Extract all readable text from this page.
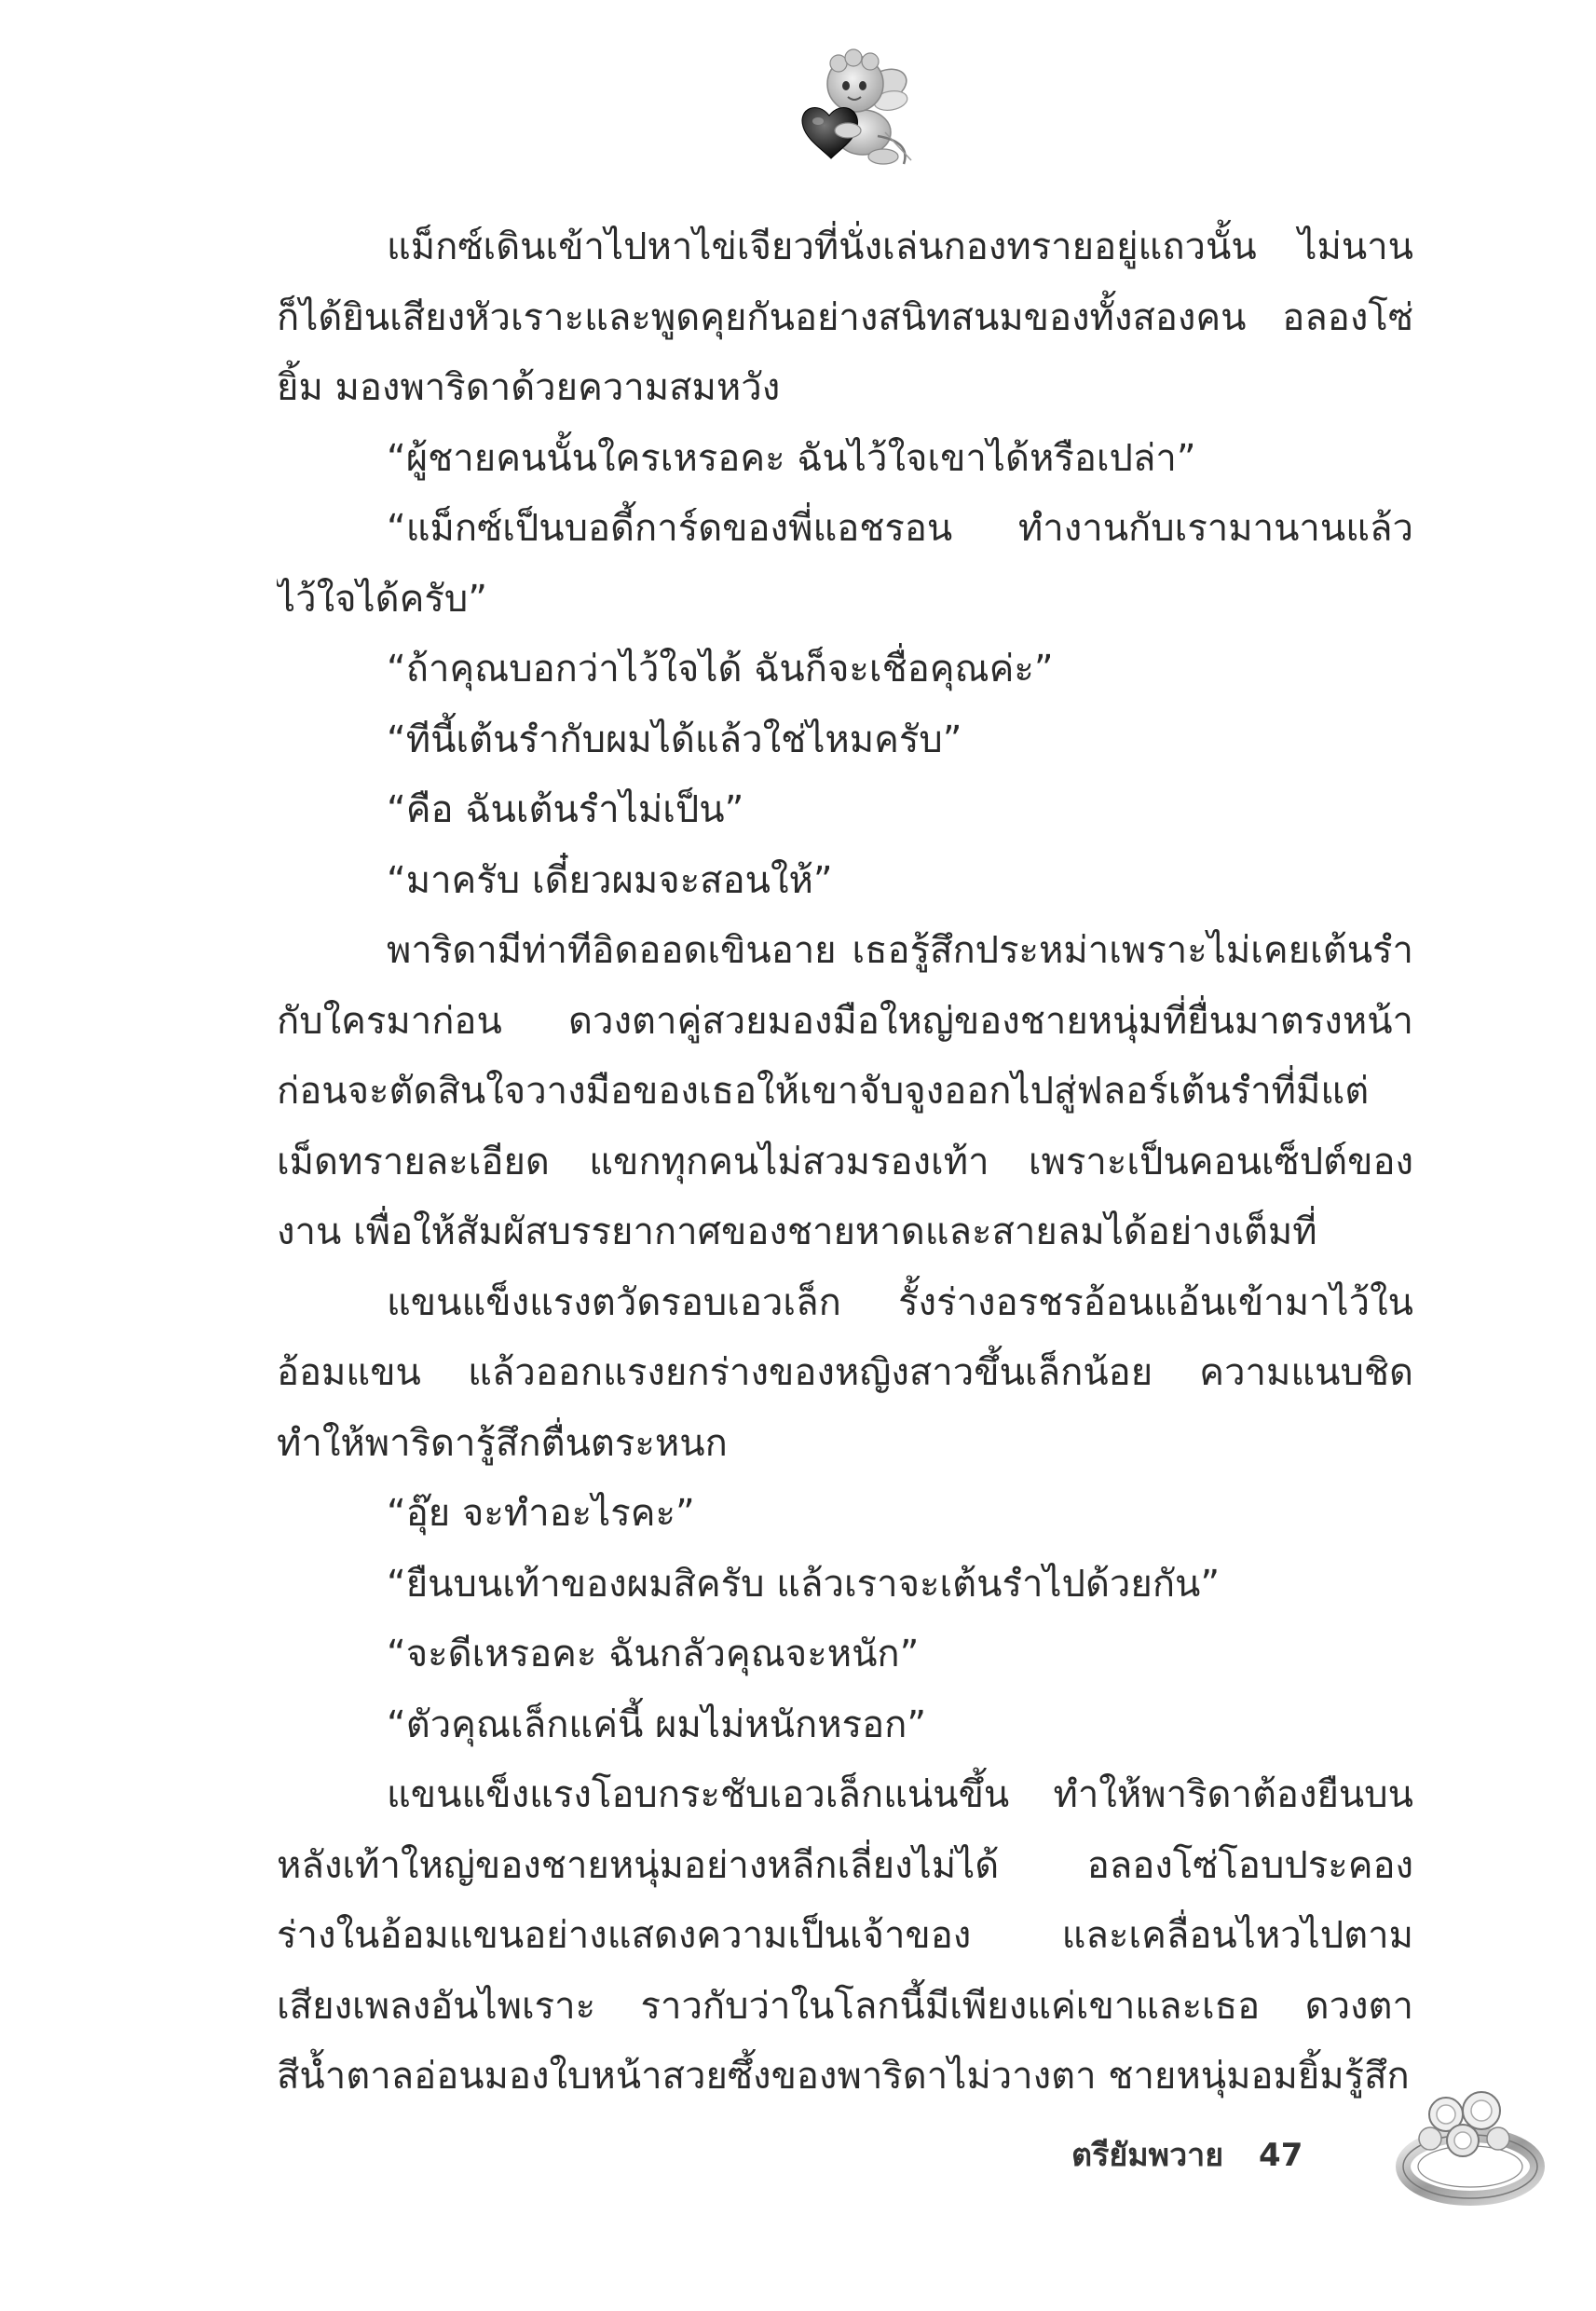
แม็กซ์เดินเข้าไปหาไข่เจียวที่นั่งเล่นกองทรายอยู่แถวนั้น ไม่นาน
ก็ได้ยินเสียงหัวเราะและพูดคุยกันอย่างสนิทสนมของทั้งสองคน อลองโซ่
ยิ้ม มองพาริดาด้วยความสมหวัง
“ผู้ชายคนนั้นใครเหรอคะ ฉันไว้ใจเขาได้หรือเปล่า”
“แม็กซ์เป็นบอดี้การ์ดของพี่แอชรอน ทำงานกับเรามานานแล้ว
ไว้ใจได้ครับ”
“ถ้าคุณบอกว่าไว้ใจได้ ฉันก็จะเชื่อคุณค่ะ”
“ทีนี้เต้นรำกับผมได้แล้วใช่ไหมครับ”
“คือ ฉันเต้นรำไม่เป็น”
“มาครับ เดี๋ยวผมจะสอนให้”
พาริดามีท่าทีอิดออดเขินอาย เธอรู้สึกประหม่าเพราะไม่เคยเต้นรำ
กับใครมาก่อน ดวงตาคู่สวยมองมือใหญ่ของชายหนุ่มที่ยื่นมาตรงหน้า
ก่อนจะตัดสินใจวางมือของเธอให้เขาจับจูงออกไปสู่ฟลอร์เต้นรำที่มีแต่
เม็ดทรายละเอียด แขกทุกคนไม่สวมรองเท้า เพราะเป็นคอนเซ็ปต์ของ
งาน เพื่อให้สัมผัสบรรยากาศของชายหาดและสายลมได้อย่างเต็มที่
แขนแข็งแรงตวัดรอบเอวเล็ก รั้งร่างอรชรอ้อนแอ้นเข้ามาไว้ใน
อ้อมแขน แล้วออกแรงยกร่างของหญิงสาวขึ้นเล็กน้อย ความแนบชิด
ทำให้พาริดารู้สึกตื่นตระหนก
“อุ๊ย จะทำอะไรคะ”
“ยืนบนเท้าของผมสิครับ แล้วเราจะเต้นรำไปด้วยกัน”
“จะดีเหรอคะ ฉันกลัวคุณจะหนัก”
“ตัวคุณเล็กแค่นี้ ผมไม่หนักหรอก”
แขนแข็งแรงโอบกระชับเอวเล็กแน่นขึ้น ทำให้พาริดาต้องยืนบน
หลังเท้าใหญ่ของชายหนุ่มอย่างหลีกเลี่ยงไม่ได้ อลองโซ่โอบประคอง
ร่างในอ้อมแขนอย่างแสดงความเป็นเจ้าของ และเคลื่อนไหวไปตาม
เสียงเพลงอันไพเราะ ราวกับว่าในโลกนี้มีเพียงแค่เขาและเธอ ดวงตา
สีน้ำตาลอ่อนมองใบหน้าสวยซึ้งของพาริดาไม่วางตา ชายหนุ่มอมยิ้มรู้สึก
ตรียัมพวาย 47
